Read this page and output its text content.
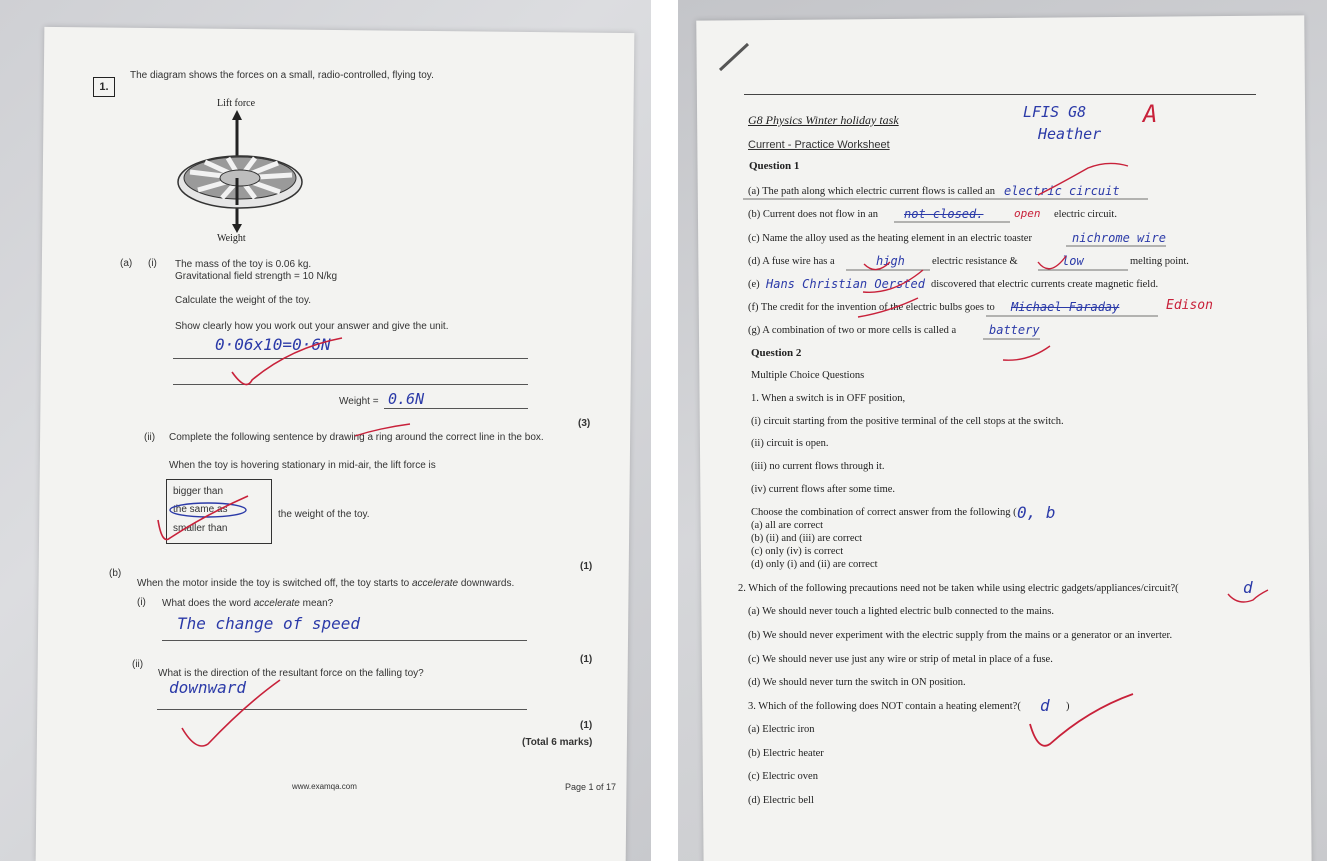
1.
The diagram shows the forces on a small, radio-controlled, flying toy.
Lift force
Weight
(a) (i) The mass of the toy is 0.06 kg.
Gravitational field strength = 10 N/kg
Calculate the weight of the toy.
Show clearly how you work out your answer and give the unit.
0·06x10=0·6N
Weight = 0.6N
(3)
(ii) Complete the following sentence by drawing a ring around the correct line in the box.
When the toy is hovering stationary in mid-air, the lift force is
bigger than
the same as
smaller than
the weight of the toy.
(1)
(b)
When the motor inside the toy is switched off, the toy starts to accelerate downwards.
(i) What does the word accelerate mean?
The change of speed
(1)
(ii)
What is the direction of the resultant force on the falling toy?
downward
(1)
(Total 6 marks)
www.examqa.com	Page 1 of 17
G8 Physics Winter holiday task
Current - Practice Worksheet
LFIS G8
Heather
A
Question 1
(a) The path along which electric current flows is called an electric circuit
(b) Current does not flow in an not closed.	open electric circuit.
(c) Name the alloy used as the heating element in an electric toaster	nichrome wire
(d) A fuse wire has a	high	electric resistance &	low	melting point.
(e) Hans Christian Oersted discovered that electric currents create magnetic field.
(f) The credit for the invention of the electric bulbs goes to Michael Faraday	Edison
(g) A combination of two or more cells is called a	battery
Question 2
Multiple Choice Questions
1. When a switch is in OFF position,
(i) circuit starting from the positive terminal of the cell stops at the switch.
(ii) circuit is open.
(iii) no current flows through it.
(iv) current flows after some time.
Choose the combination of correct answer from the following ( 0, b
(a) all are correct
(b) (ii) and (iii) are correct
(c) only (iv) is correct
(d) only (i) and (ii) are correct
2. Which of the following precautions need not be taken while using electric gadgets/appliances/circuit?(	d
(a) We should never touch a lighted electric bulb connected to the mains.
(b) We should never experiment with the electric supply from the mains or a generator or an inverter.
(c) We should never use just any wire or strip of metal in place of a fuse.
(d) We should never turn the switch in ON position.
3. Which of the following does NOT contain a heating element?( d )
(a) Electric iron
(b) Electric heater
(c) Electric oven
(d) Electric bell
